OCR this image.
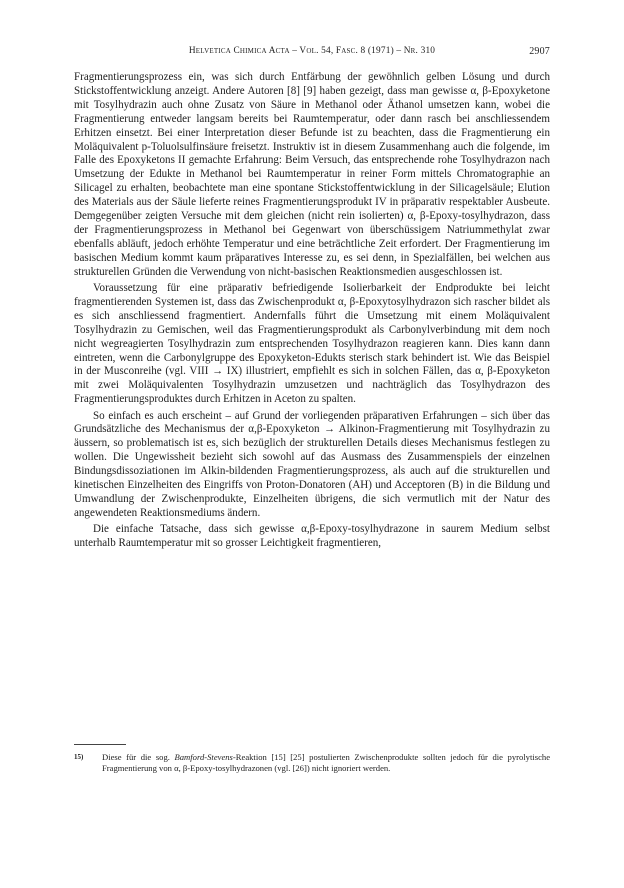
Helvetica Chimica Acta – Vol. 54, Fasc. 8 (1971) – Nr. 310	2907

Fragmentierungsprozess ein, was sich durch Entfärbung der gewöhnlich gelben Lösung und durch Stickstoffentwicklung anzeigt. Andere Autoren [8] [9] haben gezeigt, dass man gewisse α, β-Epoxyketone mit Tosylhydrazin auch ohne Zusatz von Säure in Methanol oder Äthanol umsetzen kann, wobei die Fragmentierung entweder langsam bereits bei Raumtemperatur, oder dann rasch bei anschliessendem Erhitzen einsetzt. Bei einer Interpretation dieser Befunde ist zu beachten, dass die Fragmentierung ein Moläquivalent p-Toluolsulfinsäure freisetzt. Instruktiv ist in diesem Zusammenhang auch die folgende, im Falle des Epoxyketons II gemachte Erfahrung: Beim Versuch, das entsprechende rohe Tosylhydrazon nach Umsetzung der Edukte in Methanol bei Raumtemperatur in reiner Form mittels Chromatographie an Silicagel zu erhalten, beobachtete man eine spontane Stickstoffentwicklung in der Silicagelsäule; Elution des Materials aus der Säule lieferte reines Fragmentierungsprodukt IV in präparativ respektabler Ausbeute. Demgegenüber zeigten Versuche mit dem gleichen (nicht rein isolierten) α, β-Epoxy-tosylhydrazon, dass der Fragmentierungsprozess in Methanol bei Gegenwart von überschüssigem Natriummethylat zwar ebenfalls abläuft, jedoch erhöhte Temperatur und eine beträchtliche Zeit erfordert. Der Fragmentierung im basischen Medium kommt kaum präparatives Interesse zu, es sei denn, in Spezialfällen, bei welchen aus strukturellen Gründen die Verwendung von nicht-basischen Reaktionsmedien ausgeschlossen ist.

Voraussetzung für eine präparativ befriedigende Isolierbarkeit der Endprodukte bei leicht fragmentierenden Systemen ist, dass das Zwischenprodukt α, β-Epoxytosylhydrazon sich rascher bildet als es sich anschliessend fragmentiert. Andernfalls führt die Umsetzung mit einem Moläquivalent Tosylhydrazin zu Gemischen, weil das Fragmentierungsprodukt als Carbonylverbindung mit dem noch nicht wegreagierten Tosylhydrazin zum entsprechenden Tosylhydrazon reagieren kann. Dies kann dann eintreten, wenn die Carbonylgruppe des Epoxyketon-Edukts sterisch stark behindert ist. Wie das Beispiel in der Musconreihe (vgl. VIII → IX) illustriert, empfiehlt es sich in solchen Fällen, das α, β-Epoxyketon mit zwei Moläquivalenten Tosylhydrazin umzusetzen und nachträglich das Tosylhydrazon des Fragmentierungsproduktes durch Erhitzen in Aceton zu spalten.

So einfach es auch erscheint – auf Grund der vorliegenden präparativen Erfahrungen – sich über das Grundsätzliche des Mechanismus der α,β-Epoxyketon → Alkinon-Fragmentierung mit Tosylhydrazin zu äussern, so problematisch ist es, sich bezüglich der strukturellen Details dieses Mechanismus festlegen zu wollen. Die Ungewissheit bezieht sich sowohl auf das Ausmass des Zusammenspiels der einzelnen Bindungsdissoziationen im Alkin-bildenden Fragmentierungsprozess, als auch auf die strukturellen und kinetischen Einzelheiten des Eingriffs von Proton-Donatoren (AH) und Acceptoren (B) in die Bildung und Umwandlung der Zwischenprodukte, Einzelheiten übrigens, die sich vermutlich mit der Natur des angewendeten Reaktionsmediums ändern.

Die einfache Tatsache, dass sich gewisse α,β-Epoxy-tosylhydrazone in saurem Medium selbst unterhalb Raumtemperatur mit so grosser Leichtigkeit fragmentieren,

15) Diese für die sog. Bamford-Stevens-Reaktion [15] [25] postulierten Zwischenprodukte sollten jedoch für die pyrolytische Fragmentierung von α, β-Epoxy-tosylhydrazonen (vgl. [26]) nicht ignoriert werden.
